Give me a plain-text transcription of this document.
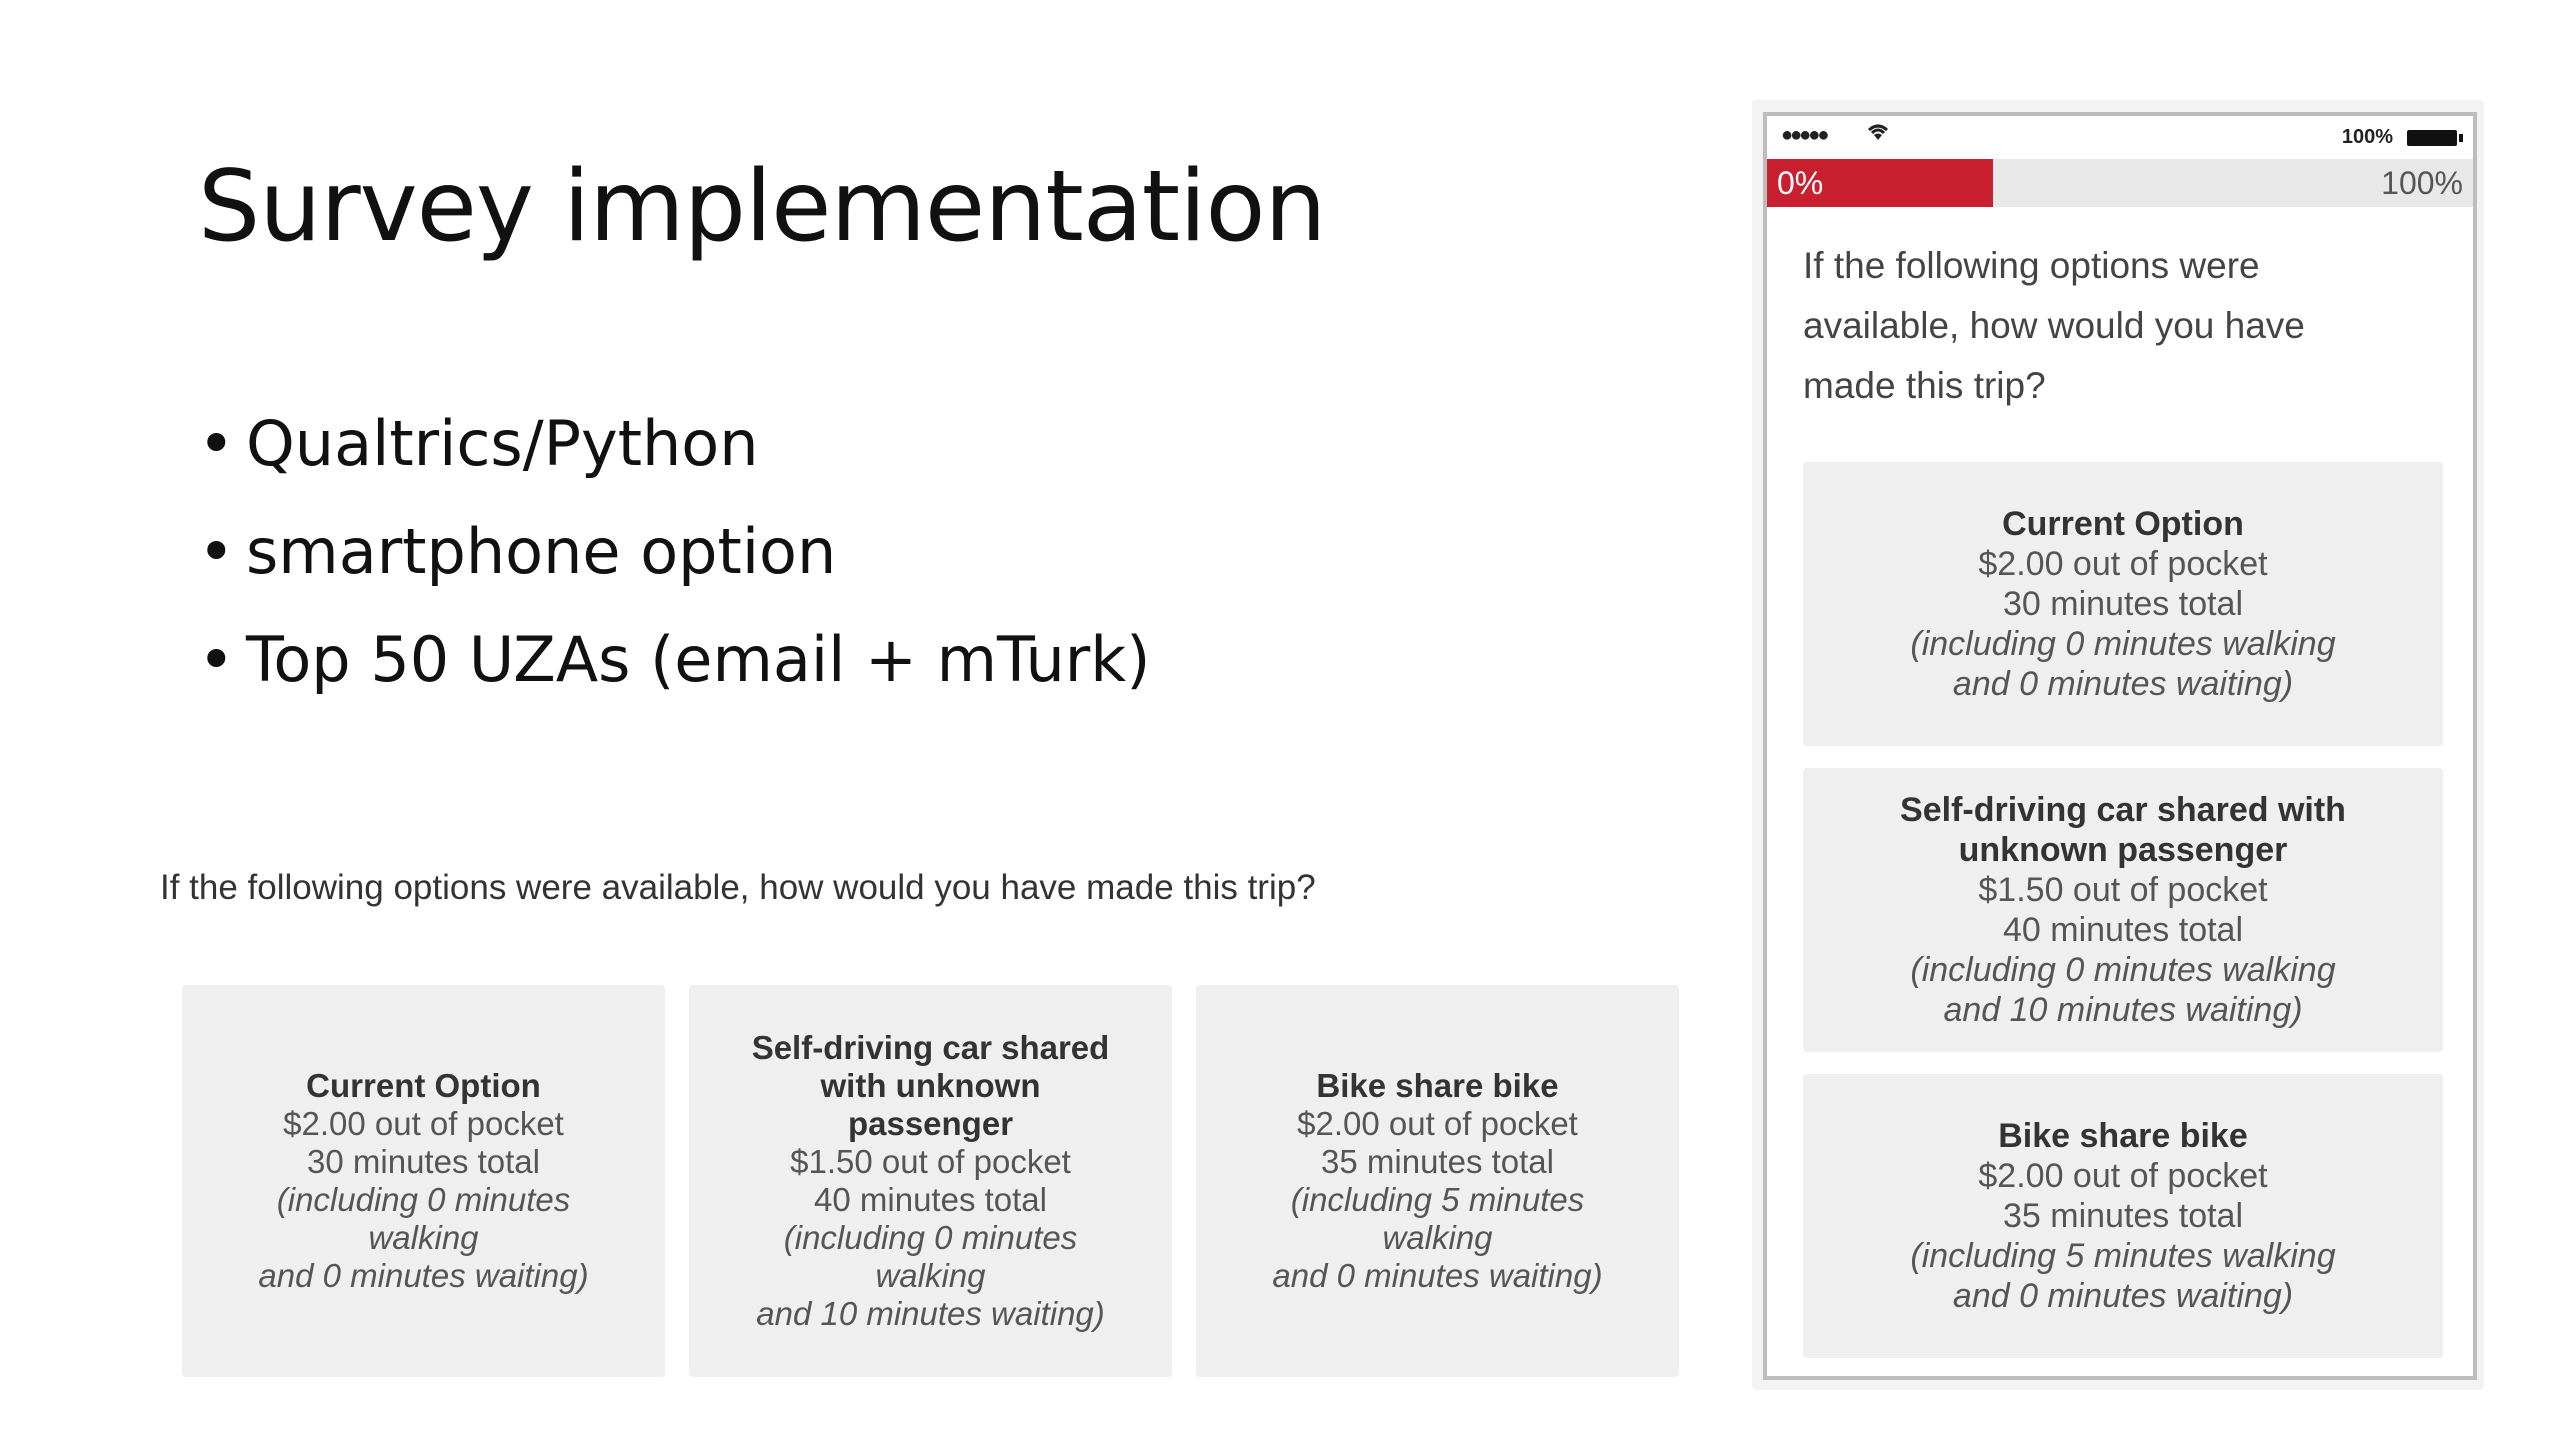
Survey implementation
• Qualtrics/Python
• smartphone option
• Top 50 UZAs (email + mTurk)
If the following options were available, how would you have made this trip?
Current Option
$2.00 out of pocket
30 minutes total
(including 0 minutes
walking
and 0 minutes waiting)
Self-driving car shared
with unknown
passenger
$1.50 out of pocket
40 minutes total
(including 0 minutes
walking
and 10 minutes waiting)
Bike share bike
$2.00 out of pocket
35 minutes total
(including 5 minutes
walking
and 0 minutes waiting)
●●●●●	100%
0%	100%
If the following options were available, how would you have made this trip?
Current Option
$2.00 out of pocket
30 minutes total
(including 0 minutes walking
and 0 minutes waiting)
Self-driving car shared with
unknown passenger
$1.50 out of pocket
40 minutes total
(including 0 minutes walking
and 10 minutes waiting)
Bike share bike
$2.00 out of pocket
35 minutes total
(including 5 minutes walking
and 0 minutes waiting)
